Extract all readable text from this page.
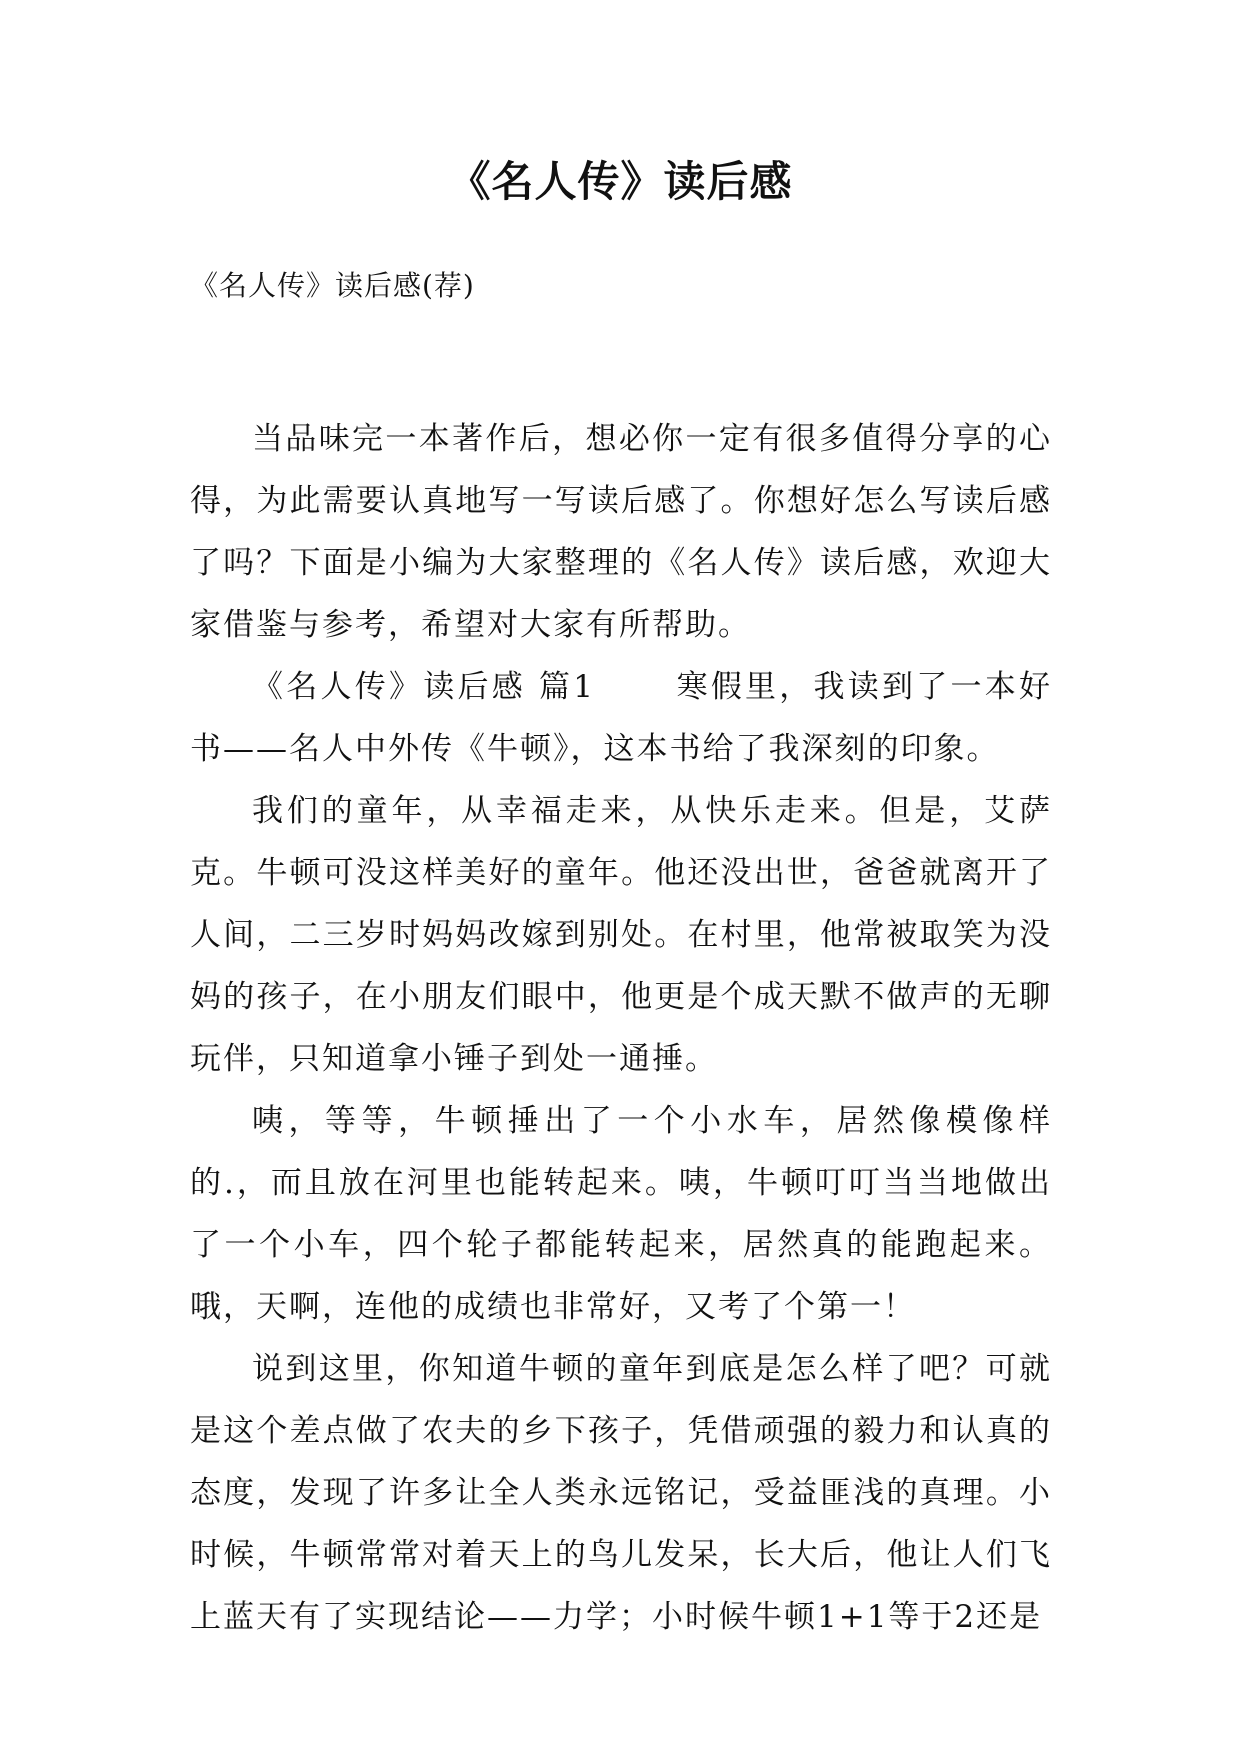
《名人传》读后感
《名人传》读后感(荐)

当品味完一本著作后，想必你一定有很多值得分享的心得，为此需要认真地写一写读后感了。你想好怎么写读后感了吗？下面是小编为大家整理的《名人传》读后感，欢迎大家借鉴与参考，希望对大家有所帮助。

《名人传》读后感 篇1 　　寒假里，我读到了一本好书——名人中外传《牛顿》，这本书给了我深刻的印象。

我们的童年，从幸福走来，从快乐走来。但是，艾萨克。牛顿可没这样美好的童年。他还没出世，爸爸就离开了人间，二三岁时妈妈改嫁到别处。在村里，他常被取笑为没妈的孩子，在小朋友们眼中，他更是个成天默不做声的无聊玩伴，只知道拿小锤子到处一通捶。

咦，等等，牛顿捶出了一个小水车，居然像模像样的.，而且放在河里也能转起来。咦，牛顿叮叮当当地做出了一个小车，四个轮子都能转起来，居然真的能跑起来。哦，天啊，连他的成绩也非常好，又考了个第一！

说到这里，你知道牛顿的童年到底是怎么样了吧？可就是这个差点做了农夫的乡下孩子，凭借顽强的毅力和认真的态度，发现了许多让全人类永远铭记，受益匪浅的真理。小时候，牛顿常常对着天上的鸟儿发呆，长大后，他让人们飞上蓝天有了实现结论——力学；小时候牛顿1+1等于2还是
